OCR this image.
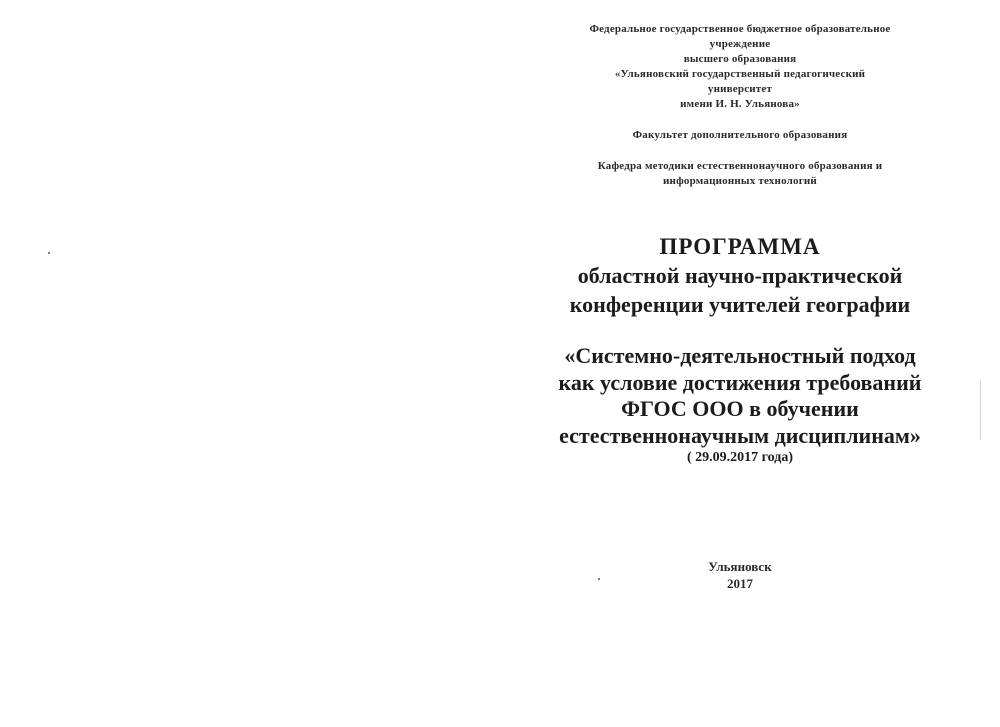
Федеральное государственное бюджетное образовательное
учреждение
высшего образования
«Ульяновский государственный педагогический
университет
имени И. Н. Ульянова»
Факультет дополнительного образования
Кафедра методики естественнонаучного образования и
информационных технологий
ПРОГРАММА
областной научно-практической
конференции учителей географии
«Системно-деятельностный подход
как условие достижения требований
ФГОС ООО в обучении
естественнонаучным дисциплинам»
( 29.09.2017 года)
Ульяновск
2017
